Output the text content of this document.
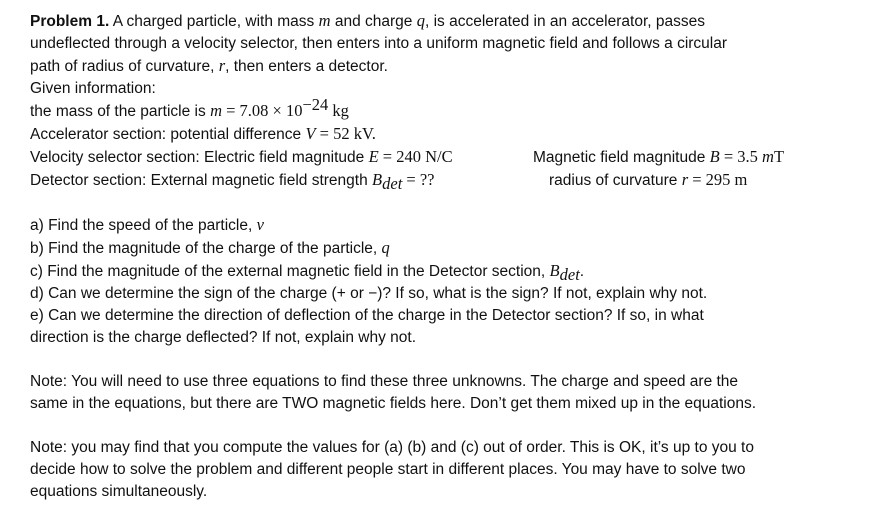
Problem 1. A charged particle, with mass m and charge q, is accelerated in an accelerator, passes
undeflected through a velocity selector, then enters into a uniform magnetic field and follows a circular
path of radius of curvature, r, then enters a detector.
Given information:
the mass of the particle is $m = 7.08 \times 10^{-24}$ kg
Accelerator section: potential difference V = 52 kV.
Velocity selector section: Electric field magnitude E = 240 N/C	Magnetic field magnitude B = 3.5 mT
Detector section: External magnetic field strength $B_{det}$ = ??	radius of curvature r = 295 m
a) Find the speed of the particle, v
b) Find the magnitude of the charge of the particle, q
c) Find the magnitude of the external magnetic field in the Detector section, $B_{det}$.
d) Can we determine the sign of the charge (+ or −)? If so, what is the sign? If not, explain why not.
e) Can we determine the direction of deflection of the charge in the Detector section? If so, in what
direction is the charge deflected? If not, explain why not.
Note: You will need to use three equations to find these three unknowns. The charge and speed are the
same in the equations, but there are TWO magnetic fields here. Don’t get them mixed up in the equations.
Note: you may find that you compute the values for (a) (b) and (c) out of order. This is OK, it’s up to you to
decide how to solve the problem and different people start in different places. You may have to solve two
equations simultaneously.
